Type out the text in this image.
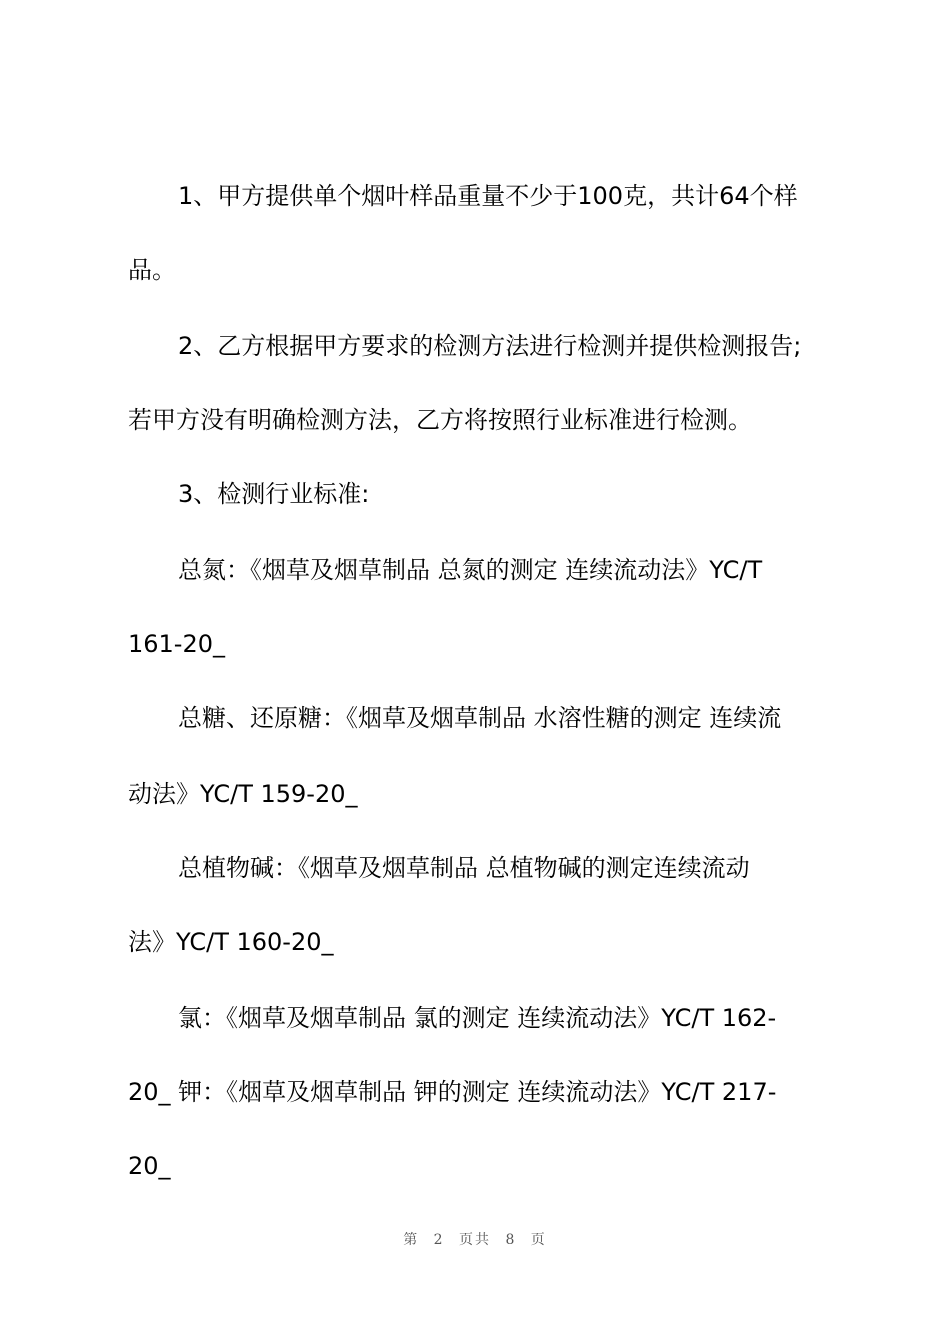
1、甲方提供单个烟叶样品重量不少于100克，共计64个样
品。
2、乙方根据甲方要求的检测方法进行检测并提供检测报告;
若甲方没有明确检测方法，乙方将按照行业标准进行检测。
3、检测行业标准:
总氮：《烟草及烟草制品 总氮的测定 连续流动法》YC/T
161-20_
总糖、还原糖：《烟草及烟草制品 水溶性糖的测定 连续流
动法》YC/T 159-20_
总植物碱：《烟草及烟草制品 总植物碱的测定连续流动
法》YC/T 160-20_
氯：《烟草及烟草制品 氯的测定 连续流动法》YC/T 162-
20_ 钾：《烟草及烟草制品 钾的测定 连续流动法》YC/T 217-
20_
第 2 页共 8 页
